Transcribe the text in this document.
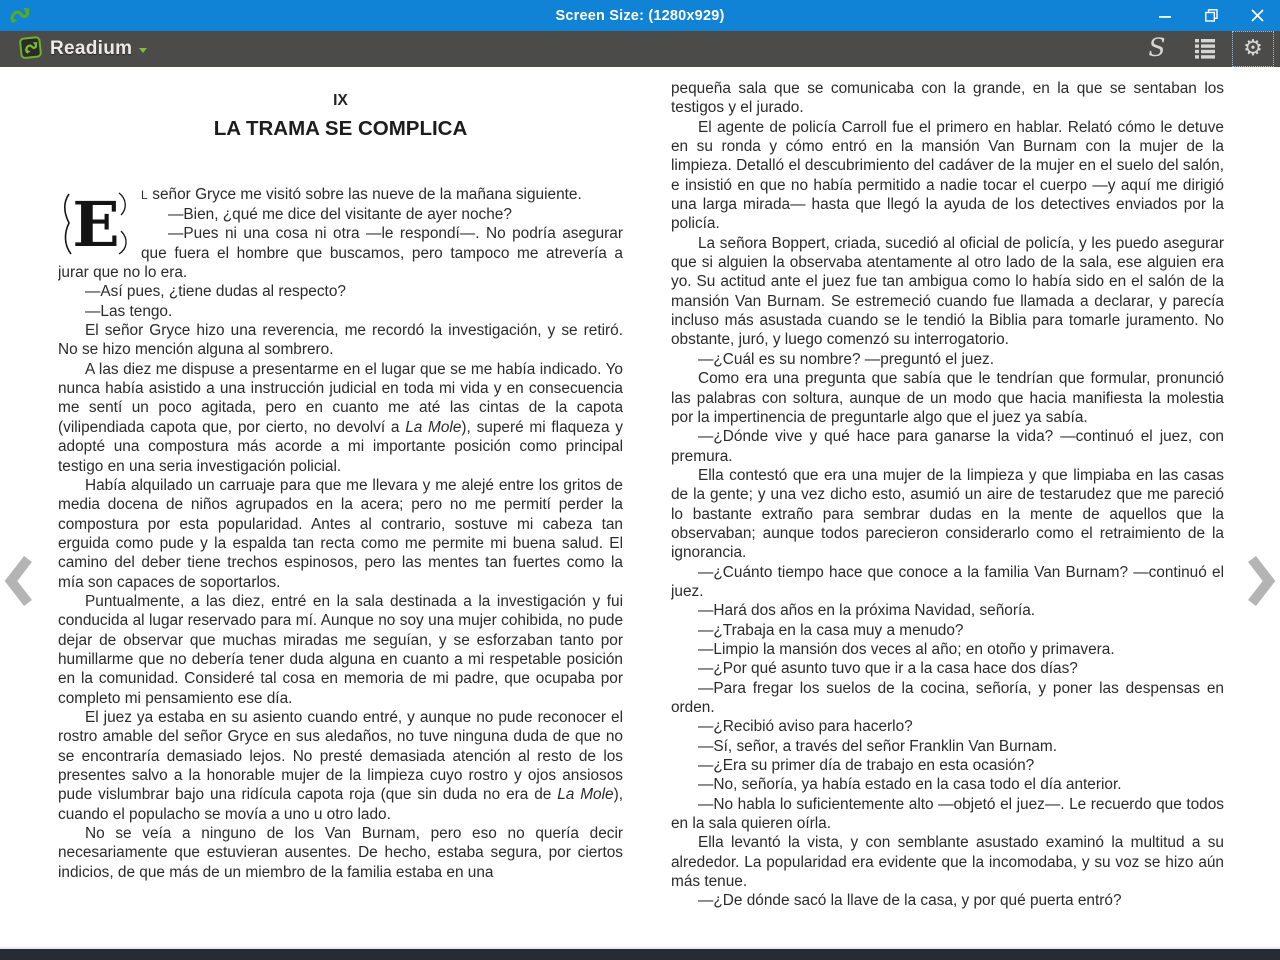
Screen Size: (1280x929)
Readium	S	⚙
IX
LA TRAMA SE COMPLICA

E L señor Gryce me visitó sobre las nueve de la mañana siguiente.

—Bien, ¿qué me dice del visitante de ayer noche?

—Pues ni una cosa ni otra —le respondí—. No podría asegurar que fuera el hombre que buscamos, pero tampoco me atrevería a jurar que no lo era.

—Así pues, ¿tiene dudas al respecto?

—Las tengo.

El señor Gryce hizo una reverencia, me recordó la investigación, y se retiró. No se hizo mención alguna al sombrero.

A las diez me dispuse a presentarme en el lugar que se me había indicado. Yo nunca había asistido a una instrucción judicial en toda mi vida y en consecuencia me sentí un poco agitada, pero en cuanto me até las cintas de la capota (vilipendiada capota que, por cierto, no devolví a La Mole), superé mi flaqueza y adopté una compostura más acorde a mi importante posición como principal testigo en una seria investigación policial.

Había alquilado un carruaje para que me llevara y me alejé entre los gritos de media docena de niños agrupados en la acera; pero no me permití perder la compostura por esta popularidad. Antes al contrario, sostuve mi cabeza tan erguida como pude y la espalda tan recta como me permite mi buena salud. El camino del deber tiene trechos espinosos, pero las mentes tan fuertes como la mía son capaces de soportarlos.

Puntualmente, a las diez, entré en la sala destinada a la investigación y fui conducida al lugar reservado para mí. Aunque no soy una mujer cohibida, no pude dejar de observar que muchas miradas me seguían, y se esforzaban tanto por humillarme que no debería tener duda alguna en cuanto a mi respetable posición en la comunidad. Consideré tal cosa en memoria de mi padre, que ocupaba por completo mi pensamiento ese día.

El juez ya estaba en su asiento cuando entré, y aunque no pude reconocer el rostro amable del señor Gryce en sus aledaños, no tuve ninguna duda de que no se encontraría demasiado lejos. No presté demasiada atención al resto de los presentes salvo a la honorable mujer de la limpieza cuyo rostro y ojos ansiosos pude vislumbrar bajo una ridícula capota roja (que sin duda no era de La Mole), cuando el populacho se movía a uno u otro lado.

No se veía a ninguno de los Van Burnam, pero eso no quería decir necesariamente que estuvieran ausentes. De hecho, estaba segura, por ciertos indicios, de que más de un miembro de la familia estaba en una

pequeña sala que se comunicaba con la grande, en la que se sentaban los testigos y el jurado.

El agente de policía Carroll fue el primero en hablar. Relató cómo le detuve en su ronda y cómo entró en la mansión Van Burnam con la mujer de la limpieza. Detalló el descubrimiento del cadáver de la mujer en el suelo del salón, e insistió en que no había permitido a nadie tocar el cuerpo —y aquí me dirigió una larga mirada— hasta que llegó la ayuda de los detectives enviados por la policía.

La señora Boppert, criada, sucedió al oficial de policía, y les puedo asegurar que si alguien la observaba atentamente al otro lado de la sala, ese alguien era yo. Su actitud ante el juez fue tan ambigua como lo había sido en el salón de la mansión Van Burnam. Se estremeció cuando fue llamada a declarar, y parecía incluso más asustada cuando se le tendió la Biblia para tomarle juramento. No obstante, juró, y luego comenzó su interrogatorio.

—¿Cuál es su nombre? —preguntó el juez.

Como era una pregunta que sabía que le tendrían que formular, pronunció las palabras con soltura, aunque de un modo que hacia manifiesta la molestia por la impertinencia de preguntarle algo que el juez ya sabía.

—¿Dónde vive y qué hace para ganarse la vida? —continuó el juez, con premura.

Ella contestó que era una mujer de la limpieza y que limpiaba en las casas de la gente; y una vez dicho esto, asumió un aire de testarudez que me pareció lo bastante extraño para sembrar dudas en la mente de aquellos que la observaban; aunque todos parecieron considerarlo como el retraimiento de la ignorancia.

—¿Cuánto tiempo hace que conoce a la familia Van Burnam? —continuó el juez.

—Hará dos años en la próxima Navidad, señoría.

—¿Trabaja en la casa muy a menudo?

—Limpio la mansión dos veces al año; en otoño y primavera.

—¿Por qué asunto tuvo que ir a la casa hace dos días?

—Para fregar los suelos de la cocina, señoría, y poner las despensas en orden.

—¿Recibió aviso para hacerlo?

—Sí, señor, a través del señor Franklin Van Burnam.

—¿Era su primer día de trabajo en esta ocasión?

—No, señoría, ya había estado en la casa todo el día anterior.

—No habla lo suficientemente alto —objetó el juez—. Le recuerdo que todos en la sala quieren oírla.

Ella levantó la vista, y con semblante asustado examinó la multitud a su alrededor. La popularidad era evidente que la incomodaba, y su voz se hizo aún más tenue.

—¿De dónde sacó la llave de la casa, y por qué puerta entró?
